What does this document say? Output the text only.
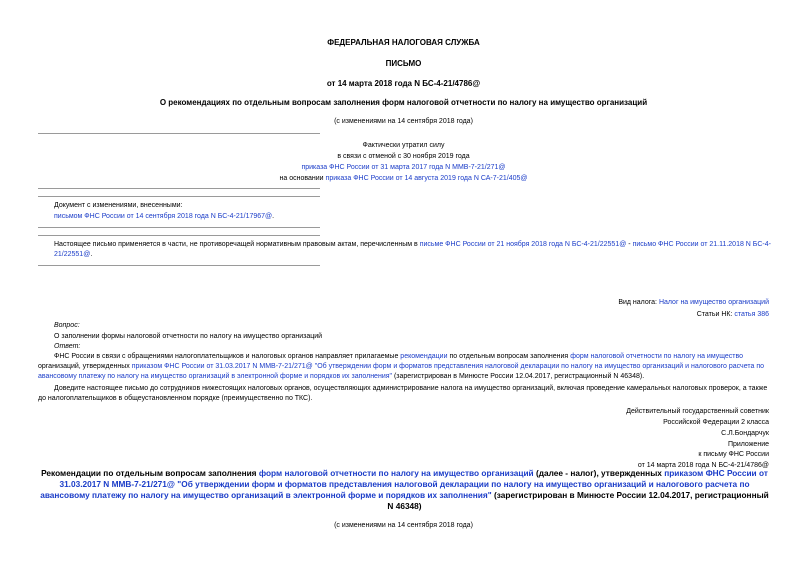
ФЕДЕРАЛЬНАЯ НАЛОГОВАЯ СЛУЖБА
ПИСЬМО
от 14 марта 2018 года N БС-4-21/4786@
О рекомендациях по отдельным вопросам заполнения форм налоговой отчетности по налогу на имущество организаций
(с изменениями на 14 сентября 2018 года)
Фактически утратил силу
в связи с отменой с 30 ноября 2019 года
приказа ФНС России от 31 марта 2017 года N ММВ-7-21/271@
на основании приказа ФНС России от 14 августа 2019 года N СА-7-21/405@
Документ с изменениями, внесенными:
письмом ФНС России от 14 сентября 2018 года N БС-4-21/17967@.
Настоящее письмо применяется в части, не противоречащей нормативным правовым актам, перечисленным в письме ФНС России от 21 ноября 2018 года N БС-4-21/22551@ - письмо ФНС России от 21.11.2018 N БС-4-21/22551@.
Вид налога: Налог на имущество организаций
Статьи НК: статья 386
Вопрос:
О заполнении формы налоговой отчетности по налогу на имущество организаций
Ответ:
ФНС России в связи с обращениями налогоплательщиков и налоговых органов направляет прилагаемые рекомендации по отдельным вопросам заполнения форм налоговой отчетности по налогу на имущество организаций, утвержденных приказом ФНС России от 31.03.2017 N ММВ-7-21/271@ "Об утверждении форм и форматов представления налоговой декларации по налогу на имущество организаций и налогового расчета по авансовому платежу по налогу на имущество организаций в электронной форме и порядков их заполнения" (зарегистрирован в Минюсте России 12.04.2017, регистрационный N 46348).
Доведите настоящее письмо до сотрудников нижестоящих налоговых органов, осуществляющих администрирование налога на имущество организаций, включая проведение камеральных налоговых проверок, а также до налогоплательщиков в общеустановленном порядке (преимущественно по ТКС).
Действительный государственный советник
Российской Федерации 2 класса
С.Л.Бондарчук
Приложение
к письму ФНС России
от 14 марта 2018 года N БС-4-21/4786@
Рекомендации по отдельным вопросам заполнения форм налоговой отчетности по налогу на имущество организаций (далее - налог), утвержденных приказом ФНС России от 31.03.2017 N ММВ-7-21/271@ "Об утверждении форм и форматов представления налоговой декларации по налогу на имущество организаций и налогового расчета по авансовому платежу по налогу на имущество организаций в электронной форме и порядков их заполнения" (зарегистрирован в Минюсте России 12.04.2017, регистрационный N 46348)
(с изменениями на 14 сентября 2018 года)
